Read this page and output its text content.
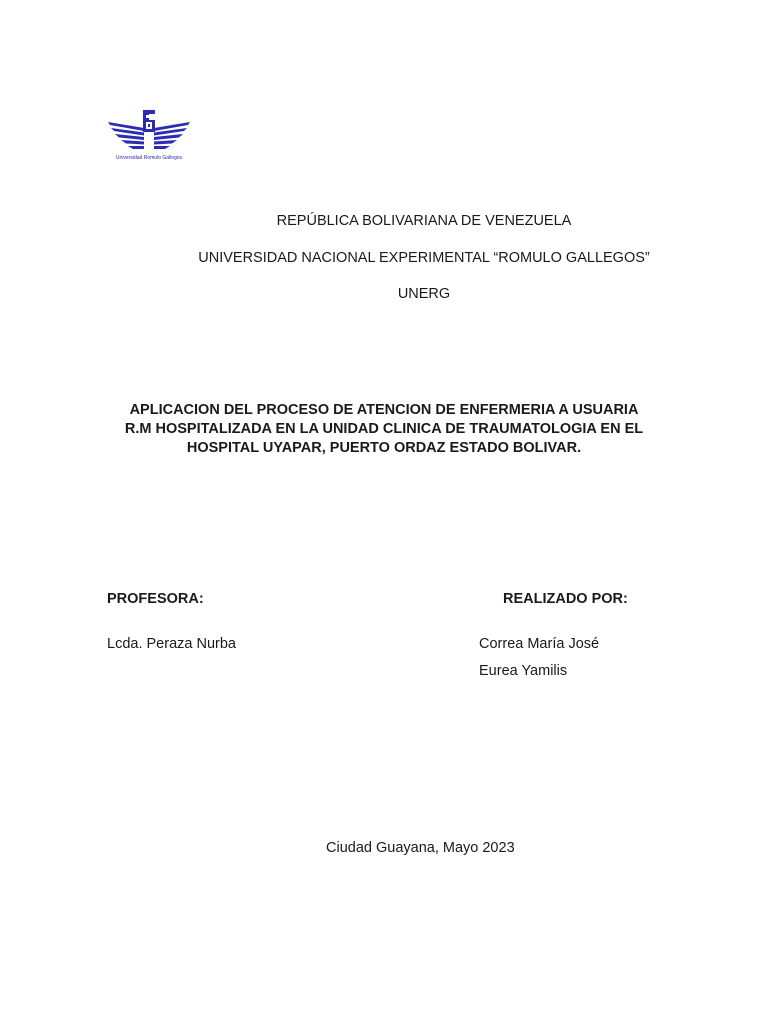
Universidad Romulo Gallegos
REPÚBLICA BOLIVARIANA DE VENEZUELA
UNIVERSIDAD NACIONAL EXPERIMENTAL “ROMULO GALLEGOS”
UNERG
APLICACION DEL PROCESO DE ATENCION DE ENFERMERIA A USUARIA
R.M HOSPITALIZADA EN LA UNIDAD CLINICA DE TRAUMATOLOGIA EN EL
HOSPITAL UYAPAR, PUERTO ORDAZ ESTADO BOLIVAR.
PROFESORA:	REALIZADO POR:
Lcda. Peraza Nurba	Correa María José
Eurea Yamilis
Ciudad Guayana, Mayo 2023
